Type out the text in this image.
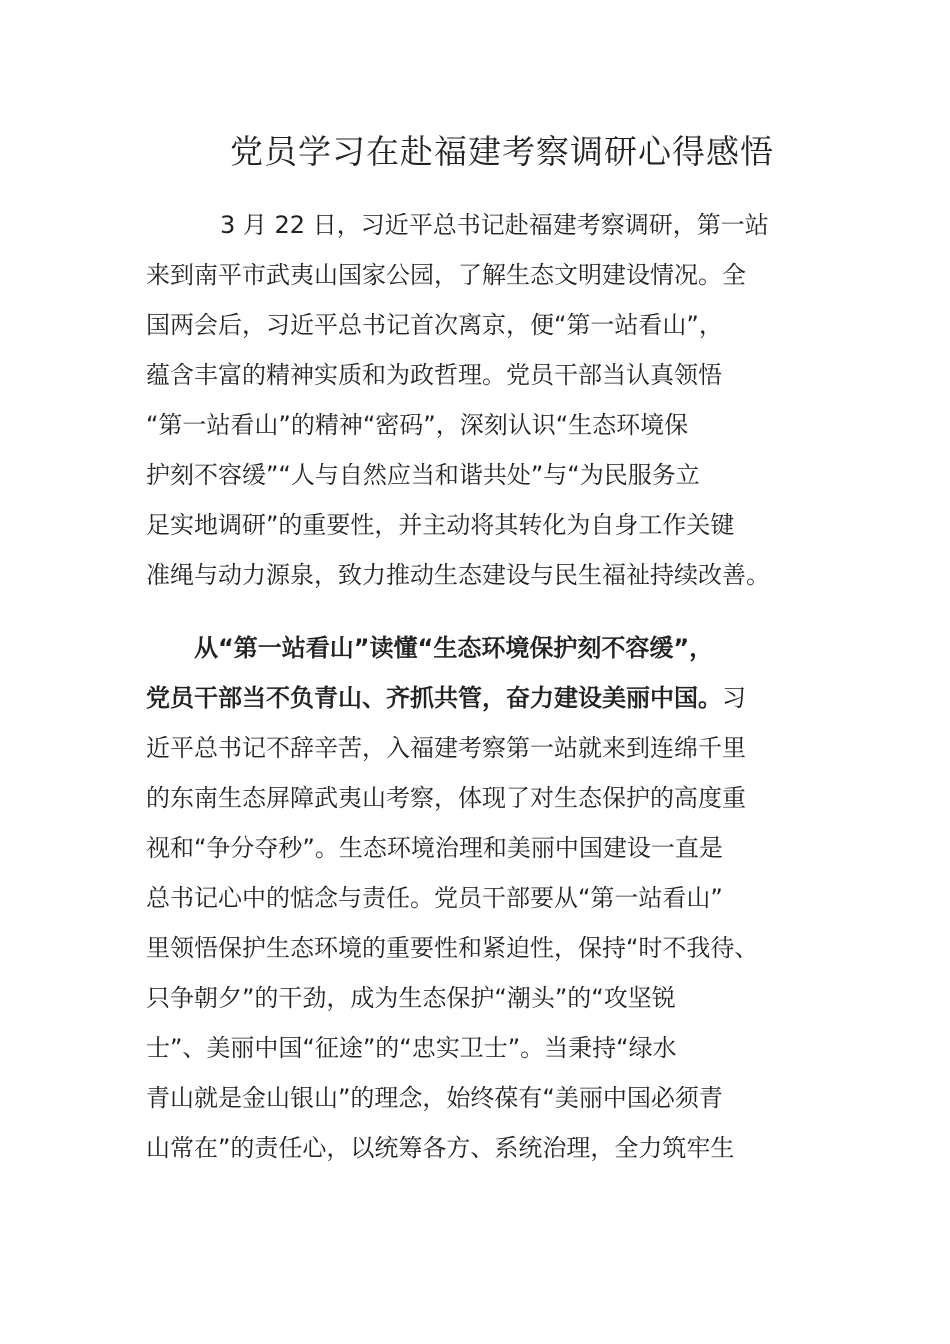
党员学习在赴福建考察调研心得感悟
3 月 22 日，习近平总书记赴福建考察调研，第一站
来到南平市武夷山国家公园，了解生态文明建设情况。全
国两会后，习近平总书记首次离京，便“第一站看山”，
蕴含丰富的精神实质和为政哲理。党员干部当认真领悟
“第一站看山”的精神“密码”，深刻认识“生态环境保
护刻不容缓”“人与自然应当和谐共处”与“为民服务立
足实地调研”的重要性，并主动将其转化为自身工作关键
准绳与动力源泉，致力推动生态建设与民生福祉持续改善。
从“第一站看山”读懂“生态环境保护刻不容缓”，
党员干部当不负青山、齐抓共管，奋力建设美丽中国。习
近平总书记不辞辛苦，入福建考察第一站就来到连绵千里
的东南生态屏障武夷山考察，体现了对生态保护的高度重
视和“争分夺秒”。生态环境治理和美丽中国建设一直是
总书记心中的惦念与责任。党员干部要从“第一站看山”
里领悟保护生态环境的重要性和紧迫性，保持“时不我待、
只争朝夕”的干劲，成为生态保护“潮头”的“攻坚锐
士”、美丽中国“征途”的“忠实卫士”。当秉持“绿水
青山就是金山银山”的理念，始终葆有“美丽中国必须青
山常在”的责任心，以统筹各方、系统治理，全力筑牢生
